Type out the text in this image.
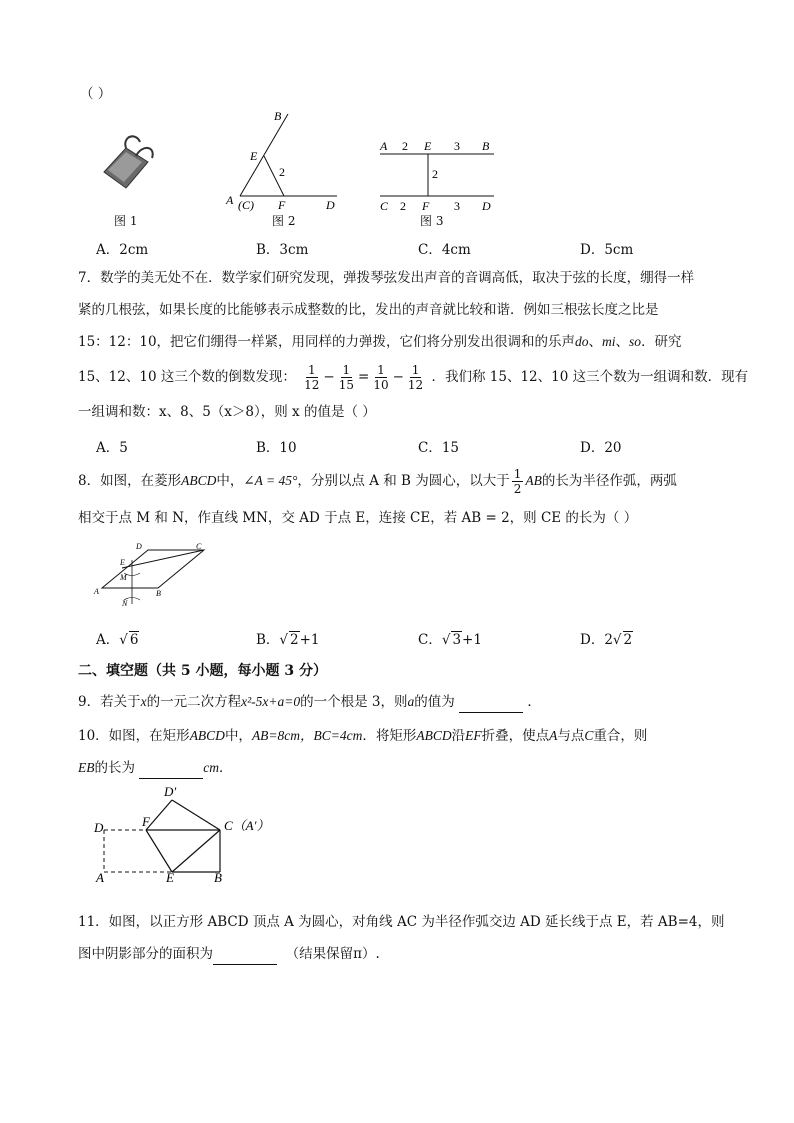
（ ）
图 1
B
E
2
A (C) F	D
图 2
A 2 E 3 B
2
C 2 F 3 D
图 3
A．2cm	B．3cm	C．4cm	D．5cm
7．数学的美无处不在．数学家们研究发现，弹拨琴弦发出声音的音调高低，取决于弦的长度，绷得一样
紧的几根弦，如果长度的比能够表示成整数的比，发出的声音就比较和谐．例如三根弦长度之比是
15：12：10，把它们绷得一样紧，用同样的力弹拨，它们将分别发出很调和的乐声do、mi、so．研究
15、12、10 这三个数的倒数发现： $\frac{1}{12} - \frac{1}{15} = \frac{1}{10} - \frac{1}{12}$ ．我们称 15、12、10 这三个数为一组调和数．现有
一组调和数：x、8、5（x＞8），则 x 的值是（ ）
A．5	B．10	C．15	D．20
8．如图，在菱形ABCD中，∠A = 45°，分别以点 A 和 B 为圆心，以大于 $\frac{1}{2}$ AB的长为半径作弧，两弧
相交于点 M 和 N，作直线 MN，交 AD 于点 E，连接 CE，若 AB = 2，则 CE 的长为（ ）
D	C
E
M
A	B
N
A．√ 6	B．√ 2+1	C．√ 3+1	D．2√ 2
二、填空题（共 5 小题，每小题 3 分）
9．若关于x的一元二次方程x²-5x+a=0的一个根是 3，则a的值为	．
10．如图，在矩形ABCD中，AB=8cm，BC=4cm．将矩形ABCD沿EF折叠，使点A与点C重合，则
EB的长为	cm．
D′
D	F	C（A′）
A	E	B
11．如图，以正方形 ABCD 顶点 A 为圆心，对角线 AC 为半径作弧交边 AD 延长线于点 E，若 AB=4，则
图中阴影部分的面积为	（结果保留π）.
